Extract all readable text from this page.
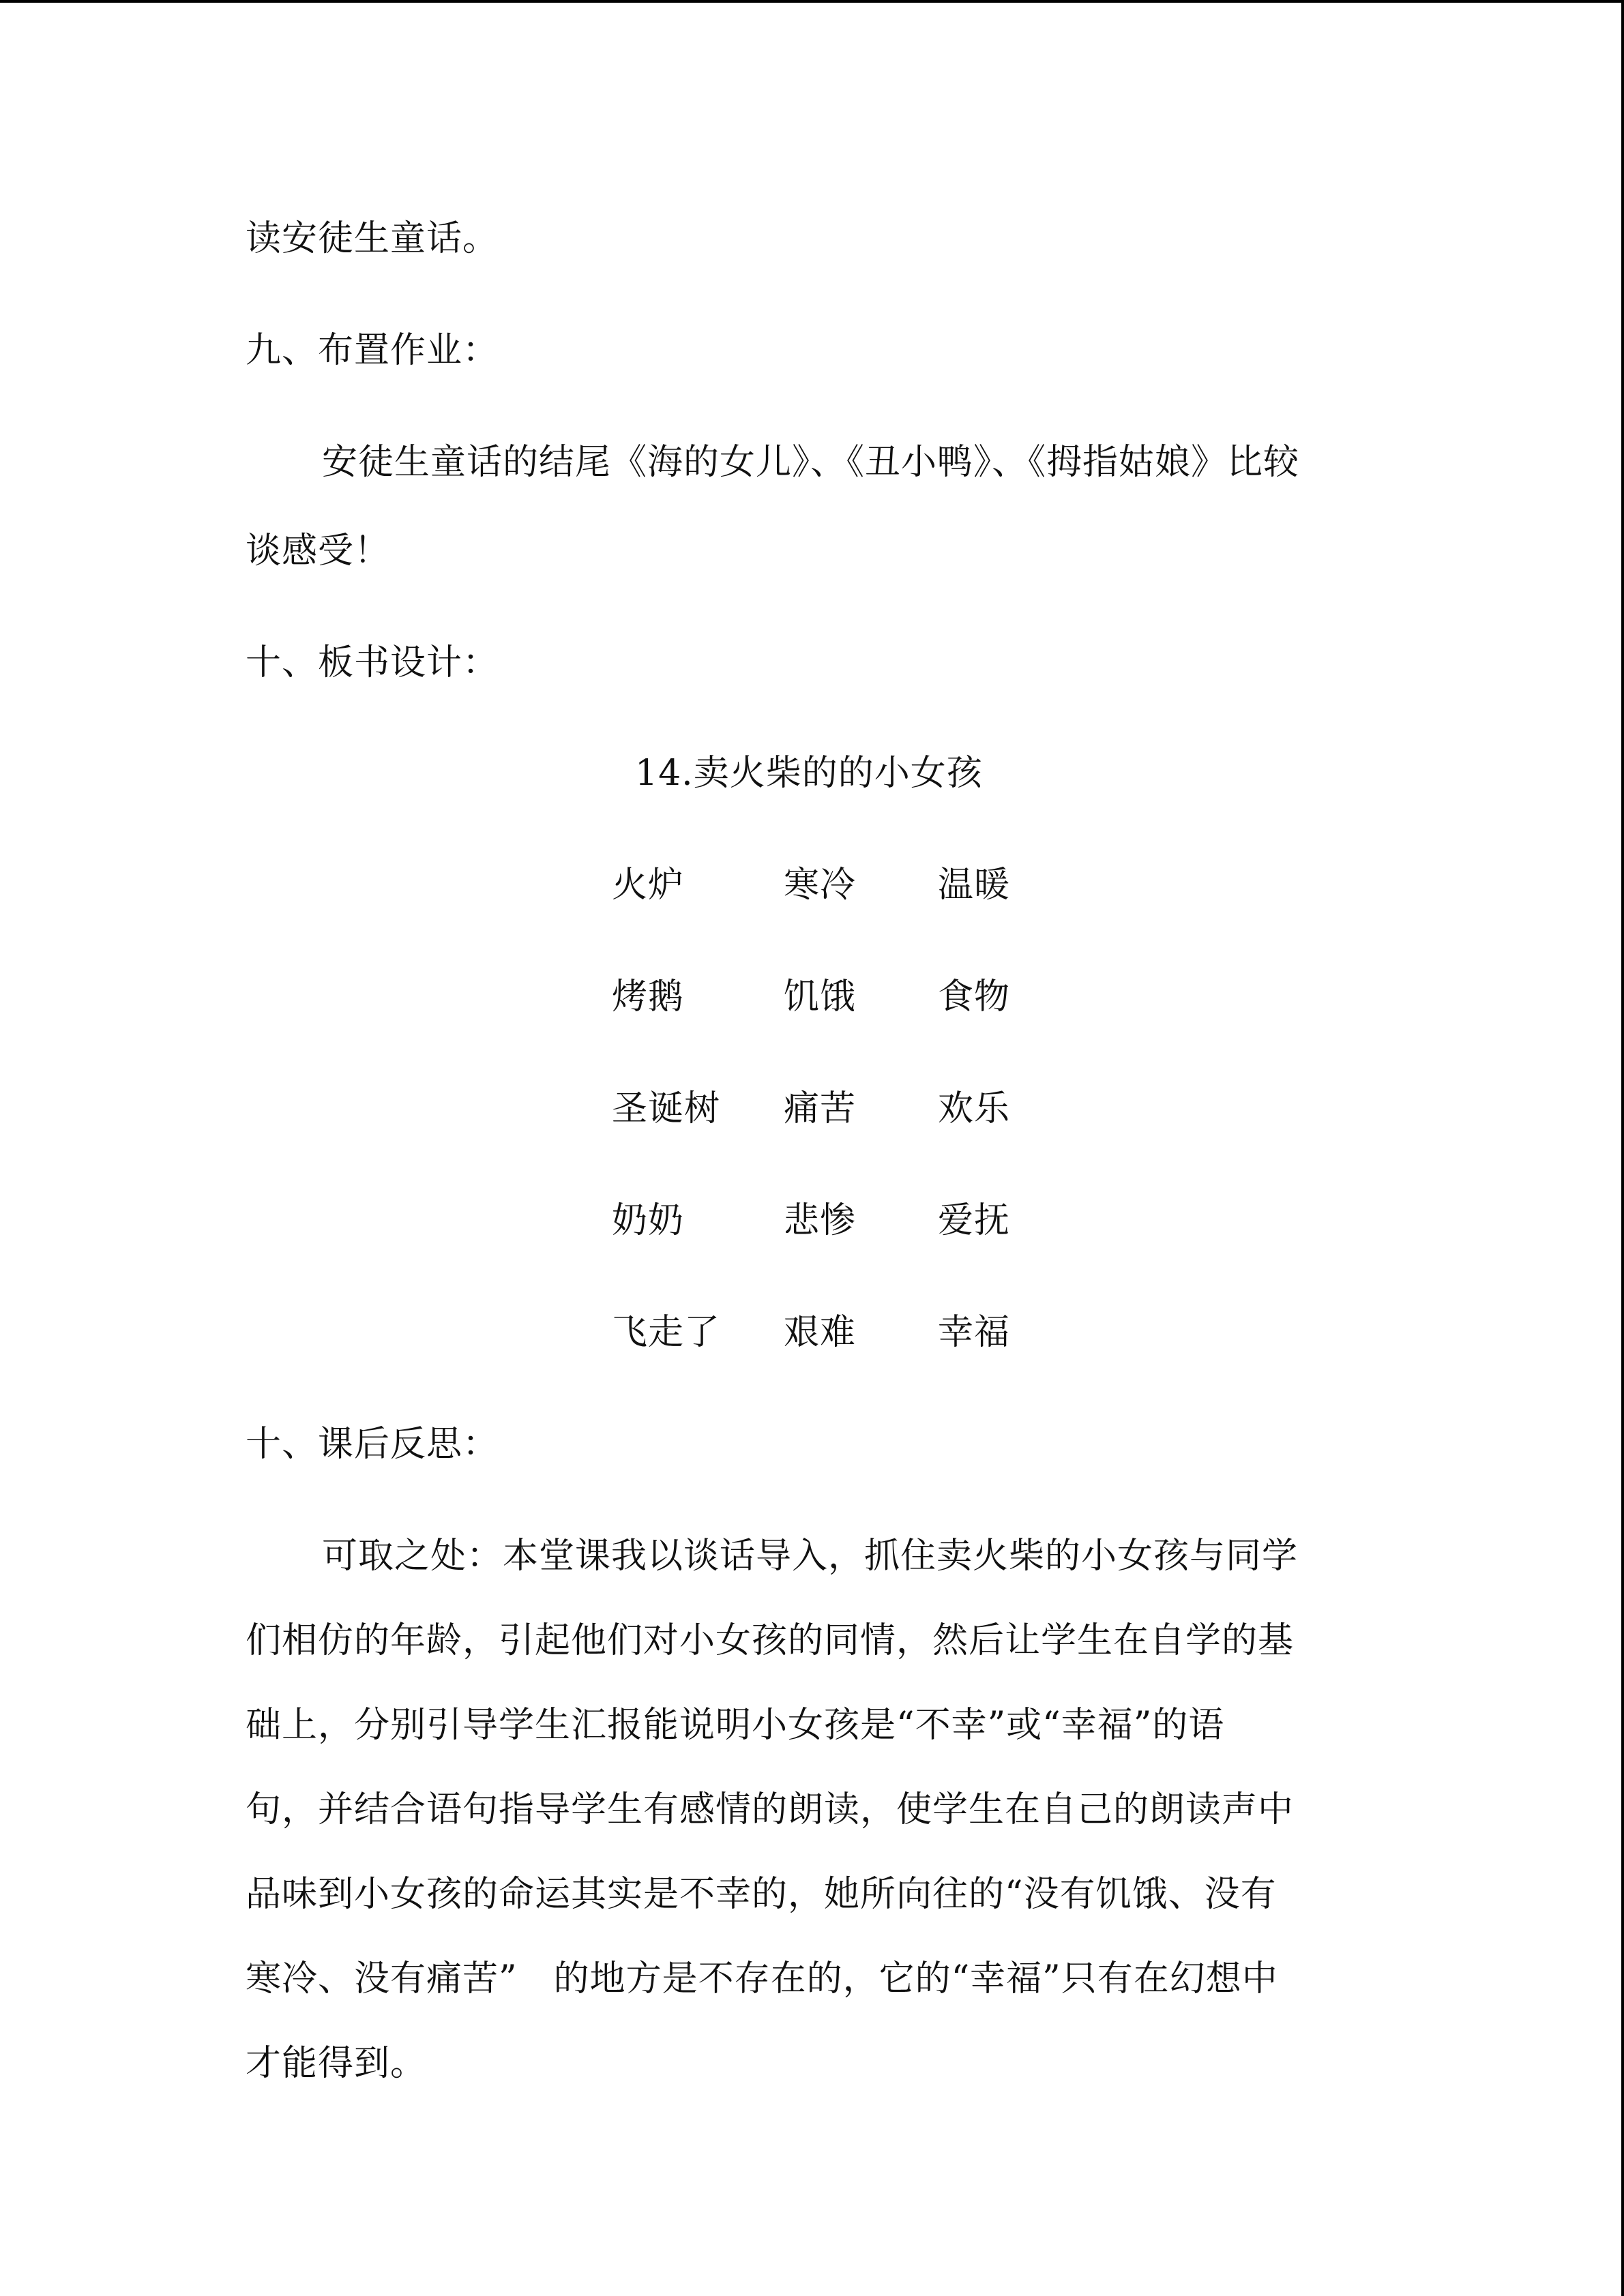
读安徒生童话。
九、布置作业：
安徒生童话的结尾《海的女儿》、《丑小鸭》、《拇指姑娘》比较
谈感受！
十、板书设计：
14.卖火柴的的小女孩
火炉	寒冷 温暖
烤鹅	饥饿 食物
圣诞树 痛苦 欢乐
奶奶	悲惨 爱抚
飞走了 艰难 幸福
十、课后反思：
可取之处：本堂课我以谈话导入，抓住卖火柴的小女孩与同学
们相仿的年龄，引起他们对小女孩的同情，然后让学生在自学的基
础上，分别引导学生汇报能说明小女孩是“不幸”或“幸福”的语
句，并结合语句指导学生有感情的朗读，使学生在自己的朗读声中
品味到小女孩的命运其实是不幸的，她所向往的“没有饥饿、没有
寒冷、没有痛苦”　的地方是不存在的，它的“幸福”只有在幻想中
才能得到。
